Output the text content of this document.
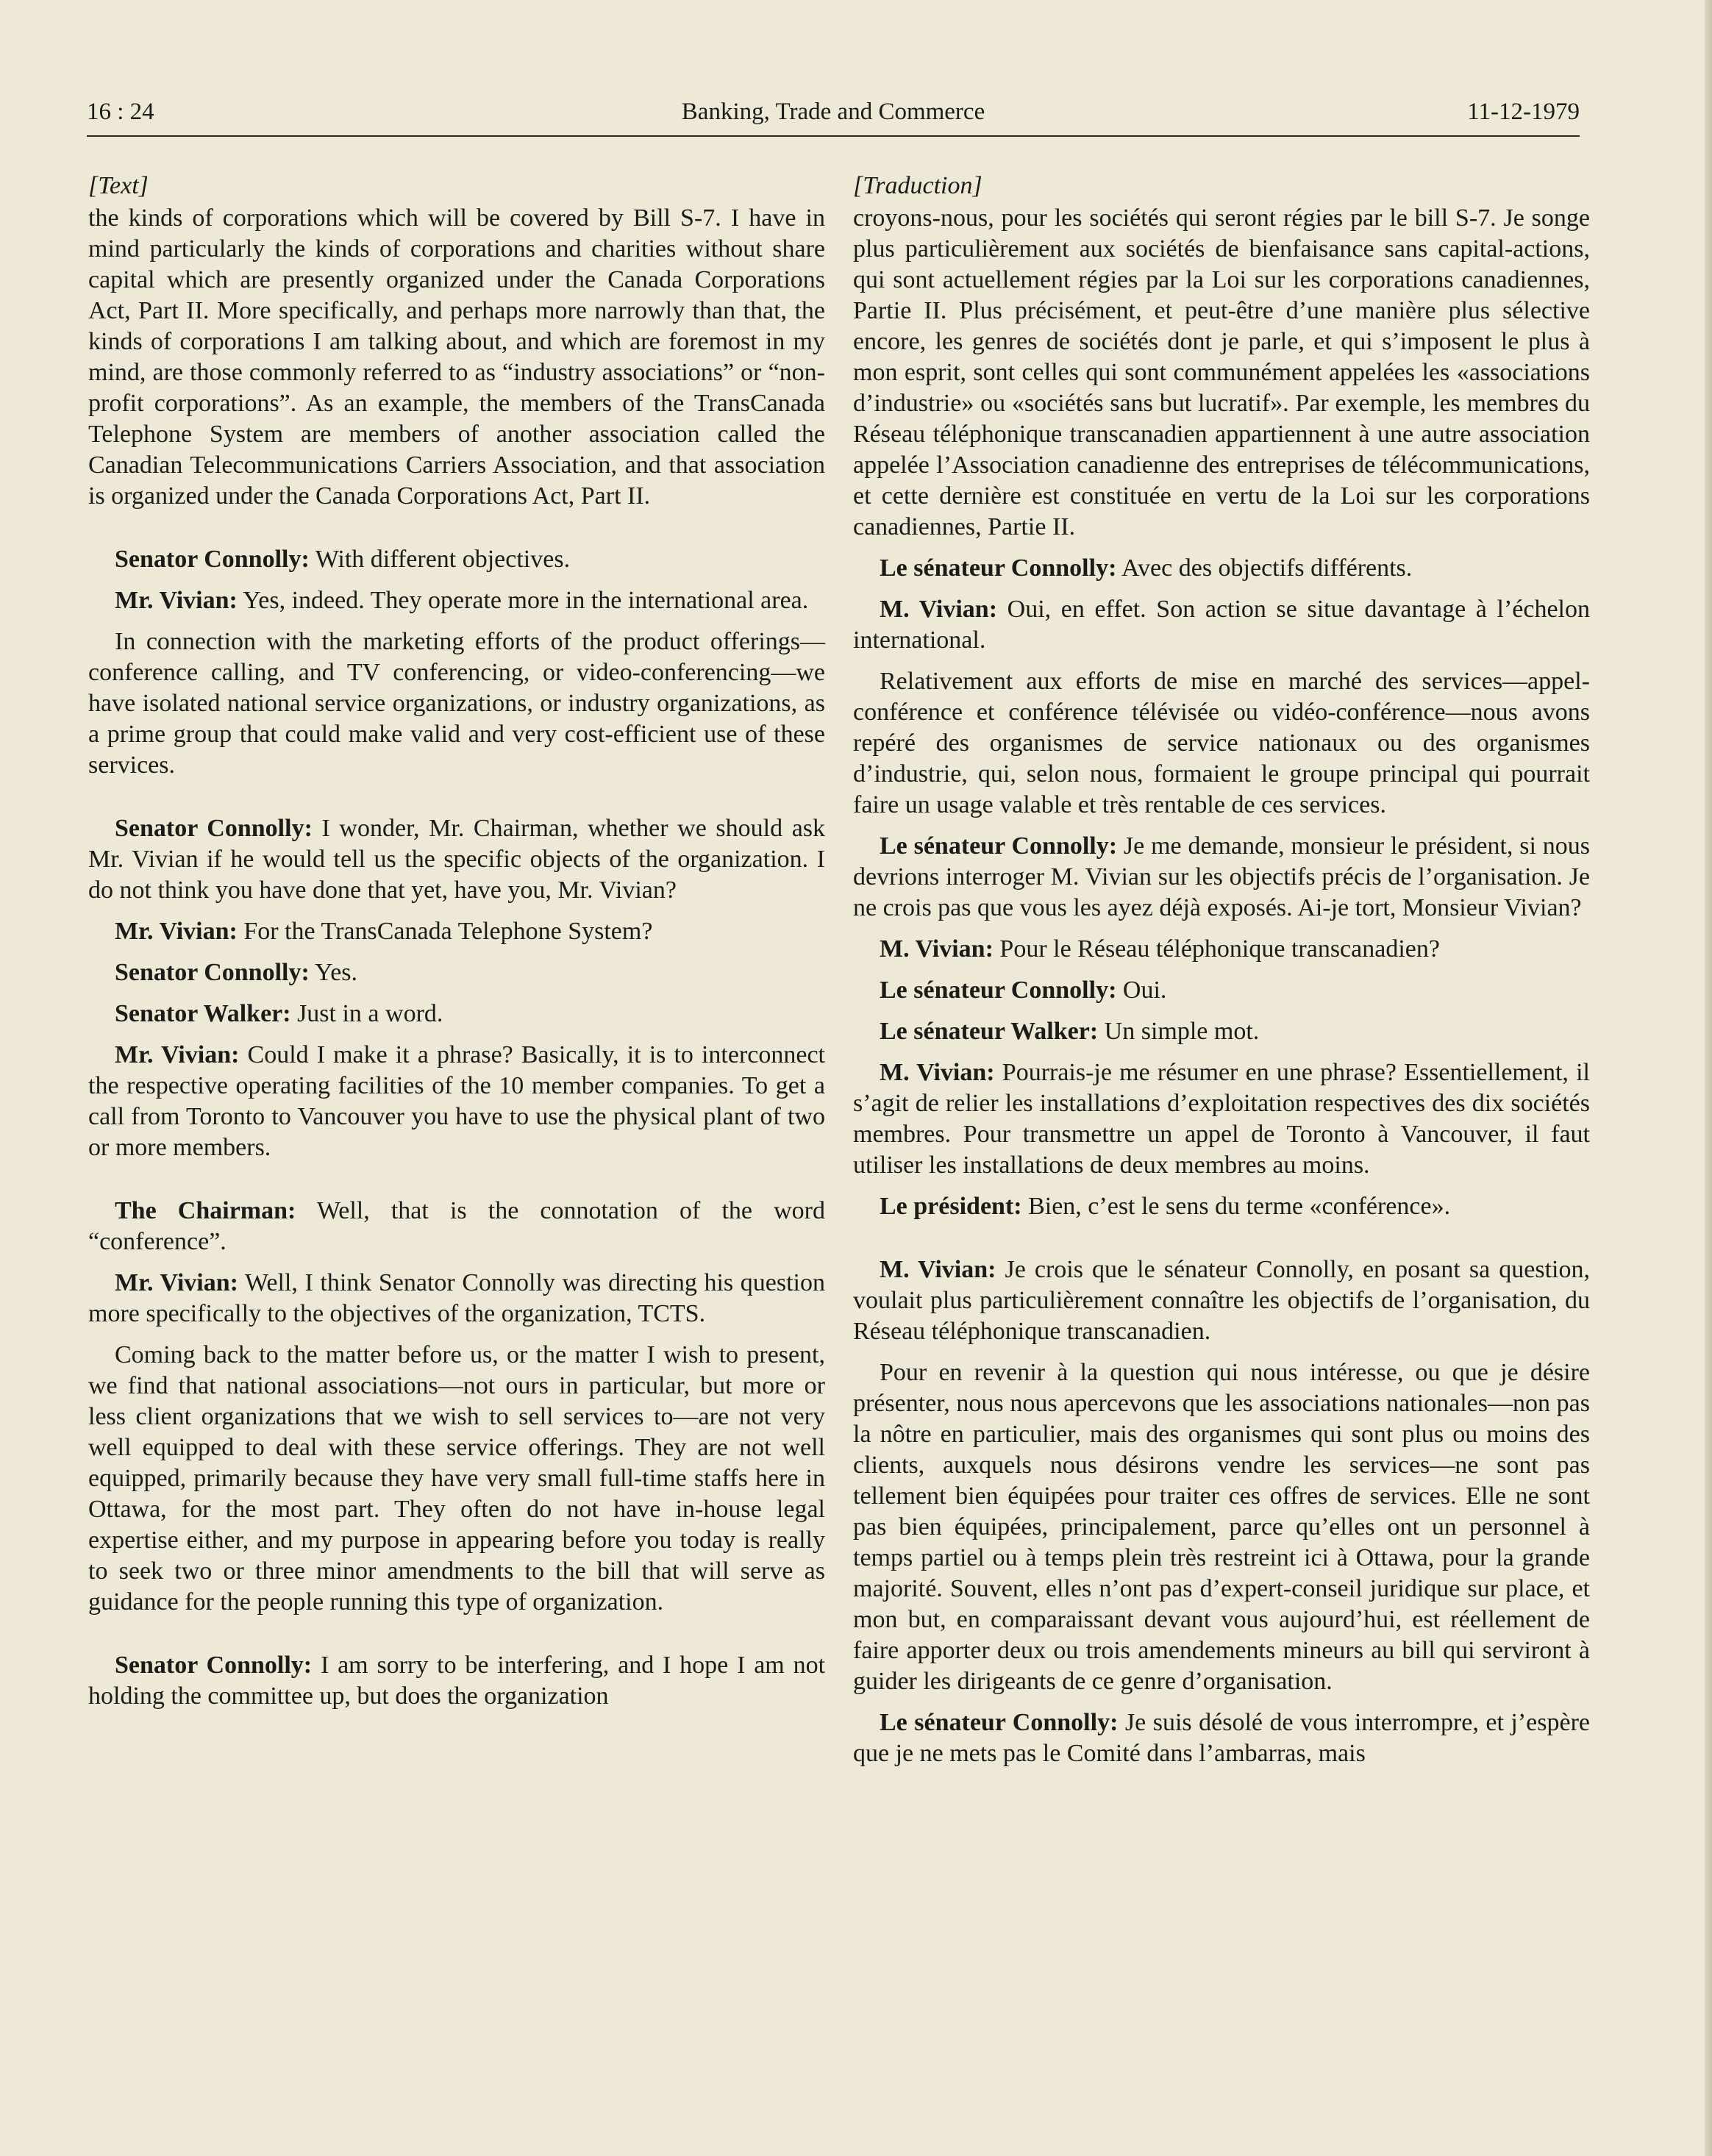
16 : 24	Banking, Trade and Commerce	11-12-1979

[Text]

the kinds of corporations which will be covered by Bill S-7. I have in mind particularly the kinds of corporations and charities without share capital which are presently organized under the Canada Corporations Act, Part II. More specifically, and perhaps more narrowly than that, the kinds of corporations I am talking about, and which are foremost in my mind, are those commonly referred to as “industry associations” or “non-profit corporations”. As an example, the members of the TransCanada Telephone System are members of another association called the Canadian Telecommunications Carriers Association, and that association is organized under the Canada Corporations Act, Part II.

Senator Connolly: With different objectives.

Mr. Vivian: Yes, indeed. They operate more in the international area.

In connection with the marketing efforts of the product offerings—conference calling, and TV conferencing, or video-conferencing—we have isolated national service organizations, or industry organizations, as a prime group that could make valid and very cost-efficient use of these services.

Senator Connolly: I wonder, Mr. Chairman, whether we should ask Mr. Vivian if he would tell us the specific objects of the organization. I do not think you have done that yet, have you, Mr. Vivian?

Mr. Vivian: For the TransCanada Telephone System?

Senator Connolly: Yes.

Senator Walker: Just in a word.

Mr. Vivian: Could I make it a phrase? Basically, it is to interconnect the respective operating facilities of the 10 member companies. To get a call from Toronto to Vancouver you have to use the physical plant of two or more members.

The Chairman: Well, that is the connotation of the word “conference”.

Mr. Vivian: Well, I think Senator Connolly was directing his question more specifically to the objectives of the organization, TCTS.

Coming back to the matter before us, or the matter I wish to present, we find that national associations—not ours in particular, but more or less client organizations that we wish to sell services to—are not very well equipped to deal with these service offerings. They are not well equipped, primarily because they have very small full-time staffs here in Ottawa, for the most part. They often do not have in-house legal expertise either, and my purpose in appearing before you today is really to seek two or three minor amendments to the bill that will serve as guidance for the people running this type of organization.

Senator Connolly: I am sorry to be interfering, and I hope I am not holding the committee up, but does the organization

[Traduction]

croyons-nous, pour les sociétés qui seront régies par le bill S-7. Je songe plus particulièrement aux sociétés de bienfaisance sans capital-actions, qui sont actuellement régies par la Loi sur les corporations canadiennes, Partie II. Plus précisément, et peut-être d’une manière plus sélective encore, les genres de sociétés dont je parle, et qui s’imposent le plus à mon esprit, sont celles qui sont communément appelées les «associations d’industrie» ou «sociétés sans but lucratif». Par exemple, les membres du Réseau téléphonique transcanadien appartiennent à une autre association appelée l’Association canadienne des entreprises de télécommunications, et cette dernière est constituée en vertu de la Loi sur les corporations canadiennes, Partie II.

Le sénateur Connolly: Avec des objectifs différents.

M. Vivian: Oui, en effet. Son action se situe davantage à l’échelon international.

Relativement aux efforts de mise en marché des services—appel-conférence et conférence télévisée ou vidéo-conférence—nous avons repéré des organismes de service nationaux ou des organismes d’industrie, qui, selon nous, formaient le groupe principal qui pourrait faire un usage valable et très rentable de ces services.

Le sénateur Connolly: Je me demande, monsieur le président, si nous devrions interroger M. Vivian sur les objectifs précis de l’organisation. Je ne crois pas que vous les ayez déjà exposés. Ai-je tort, Monsieur Vivian?

M. Vivian: Pour le Réseau téléphonique transcanadien?

Le sénateur Connolly: Oui.

Le sénateur Walker: Un simple mot.

M. Vivian: Pourrais-je me résumer en une phrase? Essentiellement, il s’agit de relier les installations d’exploitation respectives des dix sociétés membres. Pour transmettre un appel de Toronto à Vancouver, il faut utiliser les installations de deux membres au moins.

Le président: Bien, c’est le sens du terme «conférence».

M. Vivian: Je crois que le sénateur Connolly, en posant sa question, voulait plus particulièrement connaître les objectifs de l’organisation, du Réseau téléphonique transcanadien.

Pour en revenir à la question qui nous intéresse, ou que je désire présenter, nous nous apercevons que les associations nationales—non pas la nôtre en particulier, mais des organismes qui sont plus ou moins des clients, auxquels nous désirons vendre les services—ne sont pas tellement bien équipées pour traiter ces offres de services. Elle ne sont pas bien équipées, principalement, parce qu’elles ont un personnel à temps partiel ou à temps plein très restreint ici à Ottawa, pour la grande majorité. Souvent, elles n’ont pas d’expert-conseil juridique sur place, et mon but, en comparaissant devant vous aujourd’hui, est réellement de faire apporter deux ou trois amendements mineurs au bill qui serviront à guider les dirigeants de ce genre d’organisation.

Le sénateur Connolly: Je suis désolé de vous interrompre, et j’espère que je ne mets pas le Comité dans l’ambarras, mais
